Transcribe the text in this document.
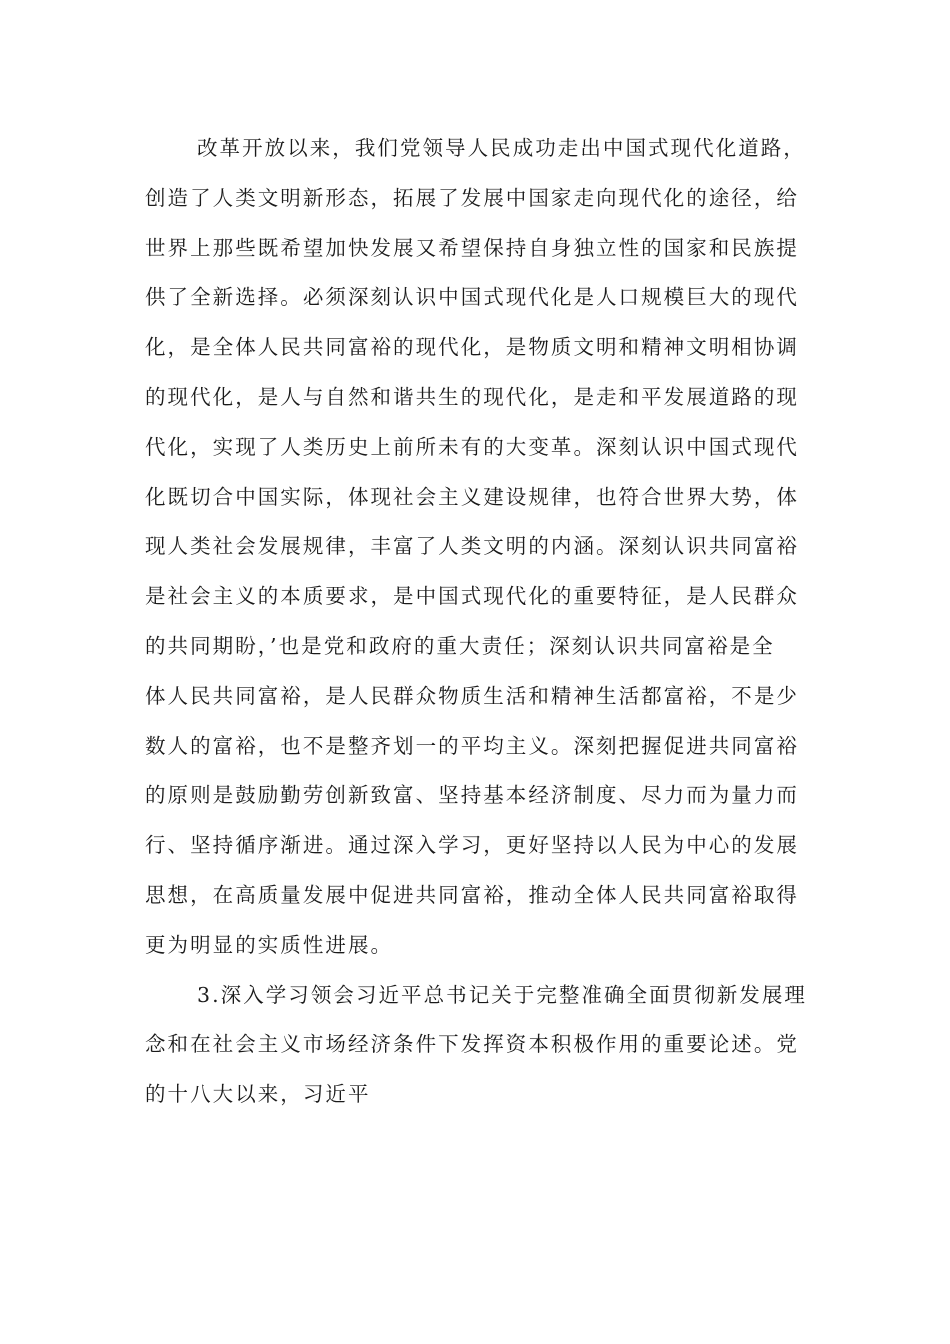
改革开放以来，我们党领导人民成功走出中国式现代化道路，
创造了人类文明新形态，拓展了发展中国家走向现代化的途径，给
世界上那些既希望加快发展又希望保持自身独立性的国家和民族提
供了全新选择。必须深刻认识中国式现代化是人口规模巨大的现代
化，是全体人民共同富裕的现代化，是物质文明和精神文明相协调
的现代化，是人与自然和谐共生的现代化，是走和平发展道路的现
代化，实现了人类历史上前所未有的大变革。深刻认识中国式现代
化既切合中国实际，体现社会主义建设规律，也符合世界大势，体
现人类社会发展规律，丰富了人类文明的内涵。深刻认识共同富裕
是社会主义的本质要求，是中国式现代化的重要特征，是人民群众
的共同期盼，’也是党和政府的重大责任；深刻认识共同富裕是全
体人民共同富裕，是人民群众物质生活和精神生活都富裕，不是少
数人的富裕，也不是整齐划一的平均主义。深刻把握促进共同富裕
的原则是鼓励勤劳创新致富、坚持基本经济制度、尽力而为量力而
行、坚持循序渐进。通过深入学习，更好坚持以人民为中心的发展
思想，在高质量发展中促进共同富裕，推动全体人民共同富裕取得
更为明显的实质性进展。
3.深入学习领会习近平总书记关于完整准确全面贯彻新发展理
念和在社会主义市场经济条件下发挥资本积极作用的重要论述。党
的十八大以来，习近平
